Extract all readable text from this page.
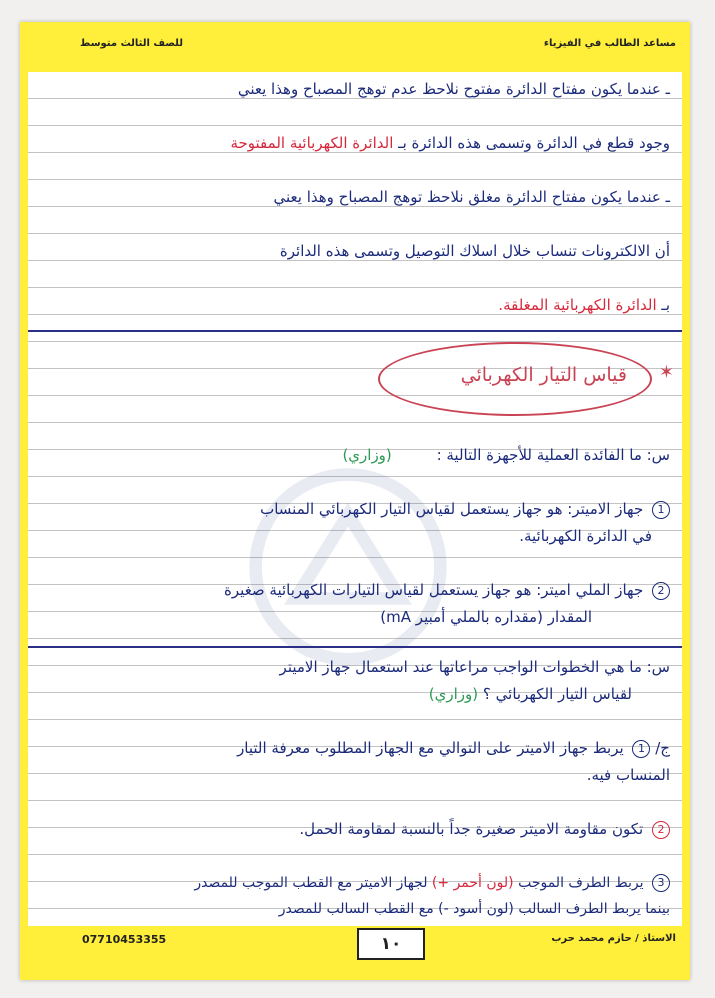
مساعد الطالب في الفيزياء
للصف الثالث متوسط
ـ عندما يكون مفتاح الدائرة مفتوح نلاحظ عدم توهج المصباح وهذا يعني
وجود قطع في الدائرة وتسمى هذه الدائرة بـ الدائرة الكهربائية المفتوحة
ـ عندما يكون مفتاح الدائرة مغلق نلاحظ توهج المصباح وهذا يعني
أن الالكترونات تنساب خلال اسلاك التوصيل وتسمى هذه الدائرة
بـ الدائرة الكهربائية المغلقة.
✶
قياس التيار الكهربائي
س: ما الفائدة العملية للأجهزة التالية : (وزاري)
1 جهاز الاميتر: هو جهاز يستعمل لقياس التيار الكهربائي المنساب
في الدائرة الكهربائية.
2 جهاز الملي اميتر: هو جهاز يستعمل لقياس التيارات الكهربائية صغيرة
المقدار (مقداره بالملي أمبير mA)
س: ما هي الخطوات الواجب مراعاتها عند استعمال جهاز الاميتر
لقياس التيار الكهربائي ؟ (وزاري)
ج/ 1 يربط جهاز الاميتر على التوالي مع الجهاز المطلوب معرفة التيار
المنساب فيه.
2 تكون مقاومة الاميتر صغيرة جداً بالنسبة لمقاومة الحمل.
3 يربط الطرف الموجب (لون أحمر +) لجهاز الاميتر مع القطب الموجب للمصدر
بينما يربط الطرف السالب (لون أسود -) مع القطب السالب للمصدر
07710453355	١٠	الاستاذ / حازم محمد حرب
